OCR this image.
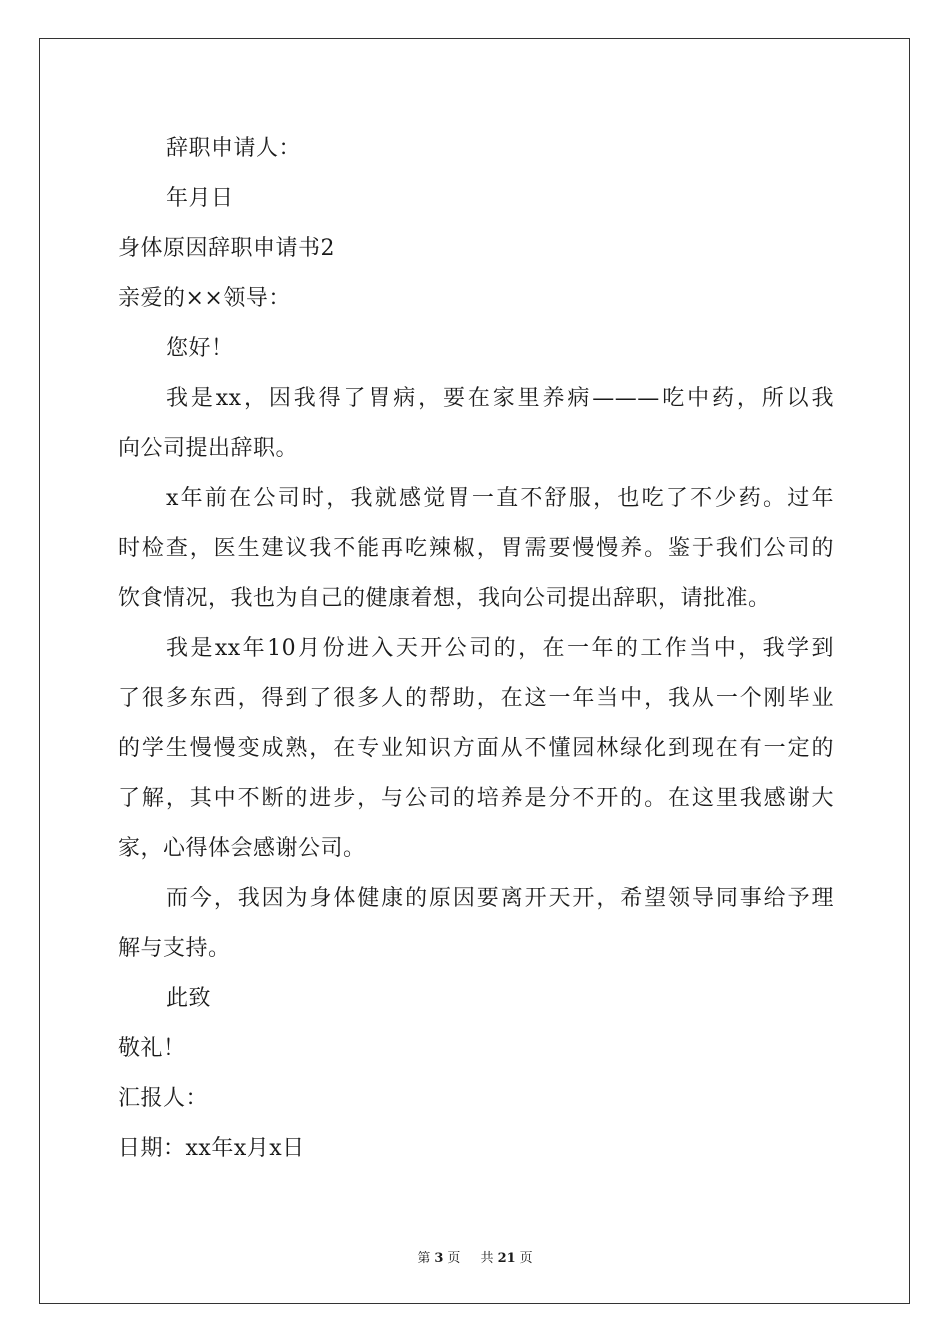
辞职申请人：
年月日
身体原因辞职申请书2
亲爱的××领导：
您好！
我是xx，因我得了胃病，要在家里养病———吃中药，所以我
向公司提出辞职。
x年前在公司时，我就感觉胃一直不舒服，也吃了不少药。过年
时检查，医生建议我不能再吃辣椒，胃需要慢慢养。鉴于我们公司的
饮食情况，我也为自己的健康着想，我向公司提出辞职，请批准。
我是xx年10月份进入天开公司的，在一年的工作当中，我学到
了很多东西，得到了很多人的帮助，在这一年当中，我从一个刚毕业
的学生慢慢变成熟，在专业知识方面从不懂园林绿化到现在有一定的
了解，其中不断的进步，与公司的培养是分不开的。在这里我感谢大
家，心得体会感谢公司。
而今，我因为身体健康的原因要离开天开，希望领导同事给予理
解与支持。
此致
敬礼！
汇报人：
日期：xx年x月x日
第 3 页 共 21 页
